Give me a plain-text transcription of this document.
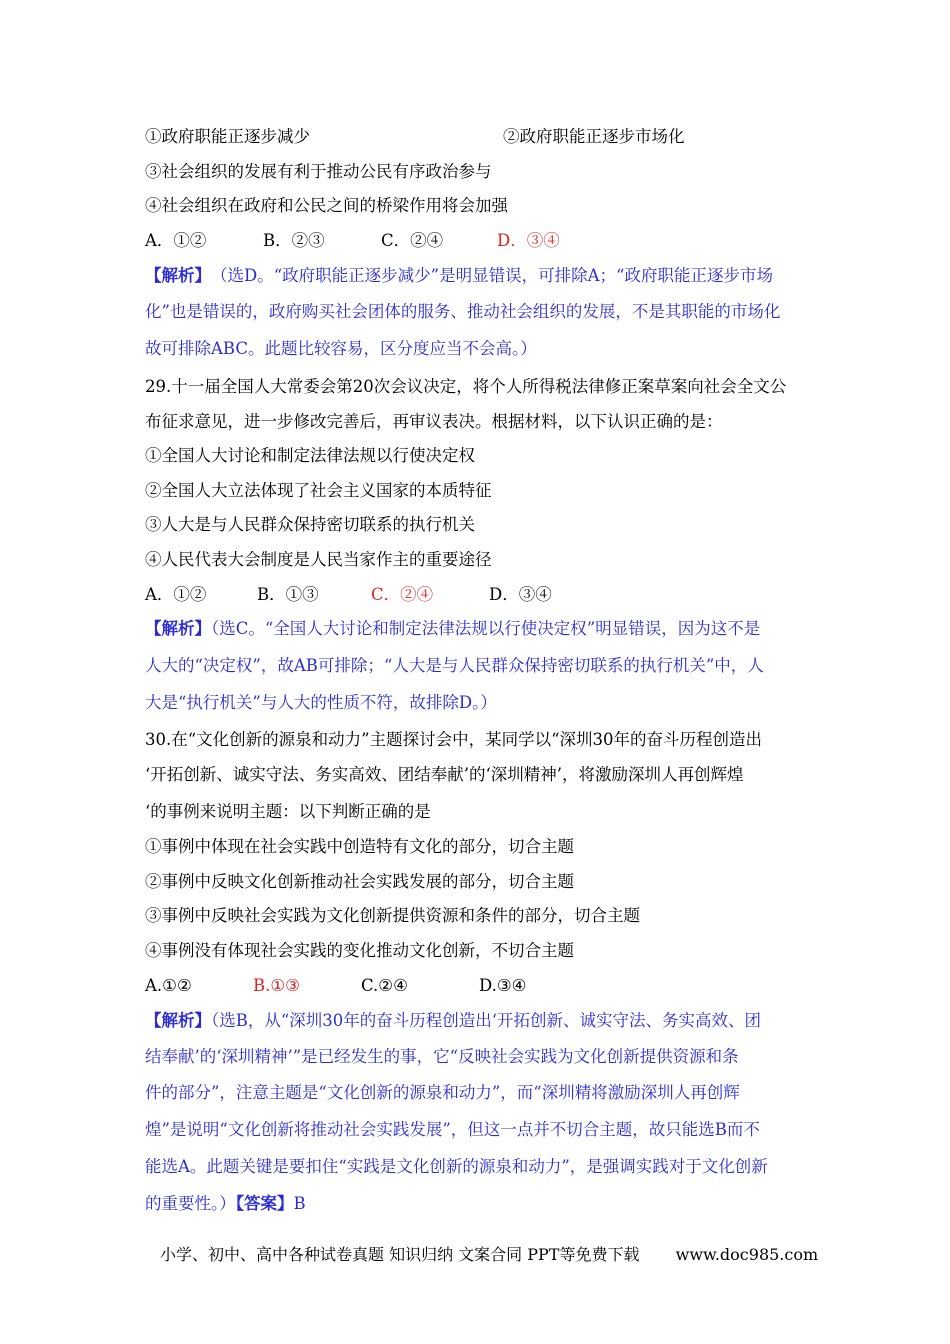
①政府职能正逐步减少	②政府职能正逐步市场化
③社会组织的发展有利于推动公民有序政治参与
④社会组织在政府和公民之间的桥梁作用将会加强
A．①②	B．②③	C．②④	D．③④
【解析】（选D。“政府职能正逐步减少”是明显错误，可排除A；“政府职能正逐步市场
化”也是错误的，政府购买社会团体的服务、推动社会组织的发展，不是其职能的市场化
故可排除ABC。此题比较容易，区分度应当不会高。）
29.十一届全国人大常委会第20次会议决定，将个人所得税法律修正案草案向社会全文公
布征求意见，进一步修改完善后，再审议表决。根据材料，以下认识正确的是：
①全国人大讨论和制定法律法规以行使决定权
②全国人大立法体现了社会主义国家的本质特征
③人大是与人民群众保持密切联系的执行机关
④人民代表大会制度是人民当家作主的重要途径
A．①②	B．①③	C．②④	D．③④
【解析】（选C。“全国人大讨论和制定法律法规以行使决定权”明显错误，因为这不是
人大的“决定权”，故AB可排除；“人大是与人民群众保持密切联系的执行机关”中，人
大是“执行机关”与人大的性质不符，故排除D。）
30.在“文化创新的源泉和动力”主题探讨会中，某同学以“深圳30年的奋斗历程创造出
‘开拓创新、诚实守法、务实高效、团结奉献’的‘深圳精神’，将激励深圳人再创辉煌
‘的事例来说明主题：以下判断正确的是
①事例中体现在社会实践中创造特有文化的部分，切合主题
②事例中反映文化创新推动社会实践发展的部分，切合主题
③事例中反映社会实践为文化创新提供资源和条件的部分，切合主题
④事例没有体现社会实践的变化推动文化创新，不切合主题
A.①②	B.①③	C.②④	D.③④
【解析】（选B，从“深圳30年的奋斗历程创造出‘开拓创新、诚实守法、务实高效、团
结奉献’的‘深圳精神’”是已经发生的事，它“反映社会实践为文化创新提供资源和条
件的部分”，注意主题是“文化创新的源泉和动力”，而“深圳精将激励深圳人再创辉
煌”是说明“文化创新将推动社会实践发展”，但这一点并不切合主题，故只能选B而不
能选A。此题关键是要扣住“实践是文化创新的源泉和动力”，是强调实践对于文化创新
的重要性。）【答案】B
小学、初中、高中各种试卷真题 知识归纳 文案合同 PPT等免费下载 www.doc985.com
